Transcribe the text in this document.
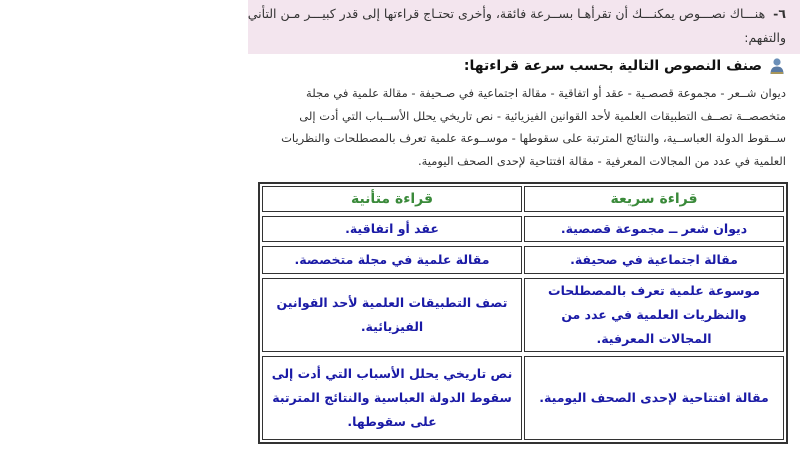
٦- هنـــاك نصـــوص يمكنـــك أن تقرأهـا بســرعة فائقة، وأخرى تحتـاج قراءتها إلى قدر كبيـــر مـن التأني
والتفهم:
صنف النصوص التالية بحسب سرعة قراءتها:
ديوان شــعر - مجموعة قصصـية - عقد أو اتفاقية - مقالة اجتماعية في صـحيفة - مقالة علمية في مجلة
متخصصــة تصــف التطبيقات العلمية لأحد القوانين الفيزيائية - نص تاريخي يحلل الأســباب التي أدت إلى
ســقوط الدولة العباســية، والنتائج المترتبة على سقوطها - موســوعة علمية تعرف بالمصطلحات والنظريات
العلمية في عدد من المجالات المعرفية - مقالة افتتاحية لإحدى الصحف اليومية.
قراءة سريعة
قراءة متأنية
ديوان شعر ــ مجموعة قصصية.
عقد أو اتفاقية.
مقالة اجتماعية في صحيفة.
مقالة علمية في مجلة متخصصة.
موسوعة علمية تعرف بالمصطلحات والنظريات العلمية في عدد من المجالات المعرفية.
تصف التطبيقات العلمية لأحد القوانين الفيزيائية.
مقالة افتتاحية لإحدى الصحف اليومية.
نص تاريخي يحلل الأسباب التي أدت إلى سقوط الدولة العباسية والنتائج المترتبة على سقوطها.
